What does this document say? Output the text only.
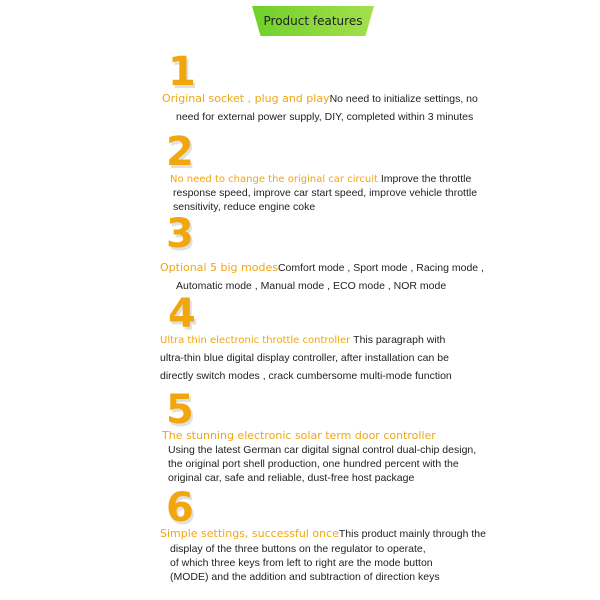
Product features
1
Original socket , plug and playNo need to initialize settings, no
need for external power supply, DIY, completed within 3 minutes
2
No need to change the original car circuit Improve the throttle
response speed, improve car start speed, improve vehicle throttle
sensitivity, reduce engine coke
3
Optional 5 big modesComfort mode , Sport mode , Racing mode ,
Automatic mode , Manual mode , ECO mode , NOR mode
4
Ultra thin electronic throttle controller This paragraph with
ultra-thin blue digital display controller, after installation can be
directly switch modes , crack cumbersome multi-mode function
5
The stunning electronic solar term door controller
Using the latest German car digital signal control dual-chip design,
the original port shell production, one hundred percent with the
original car, safe and reliable, dust-free host package
6
Simple settings, successful onceThis product mainly through the
display of the three buttons on the regulator to operate,
of which three keys from left to right are the mode button
(MODE) and the addition and subtraction of direction keys
